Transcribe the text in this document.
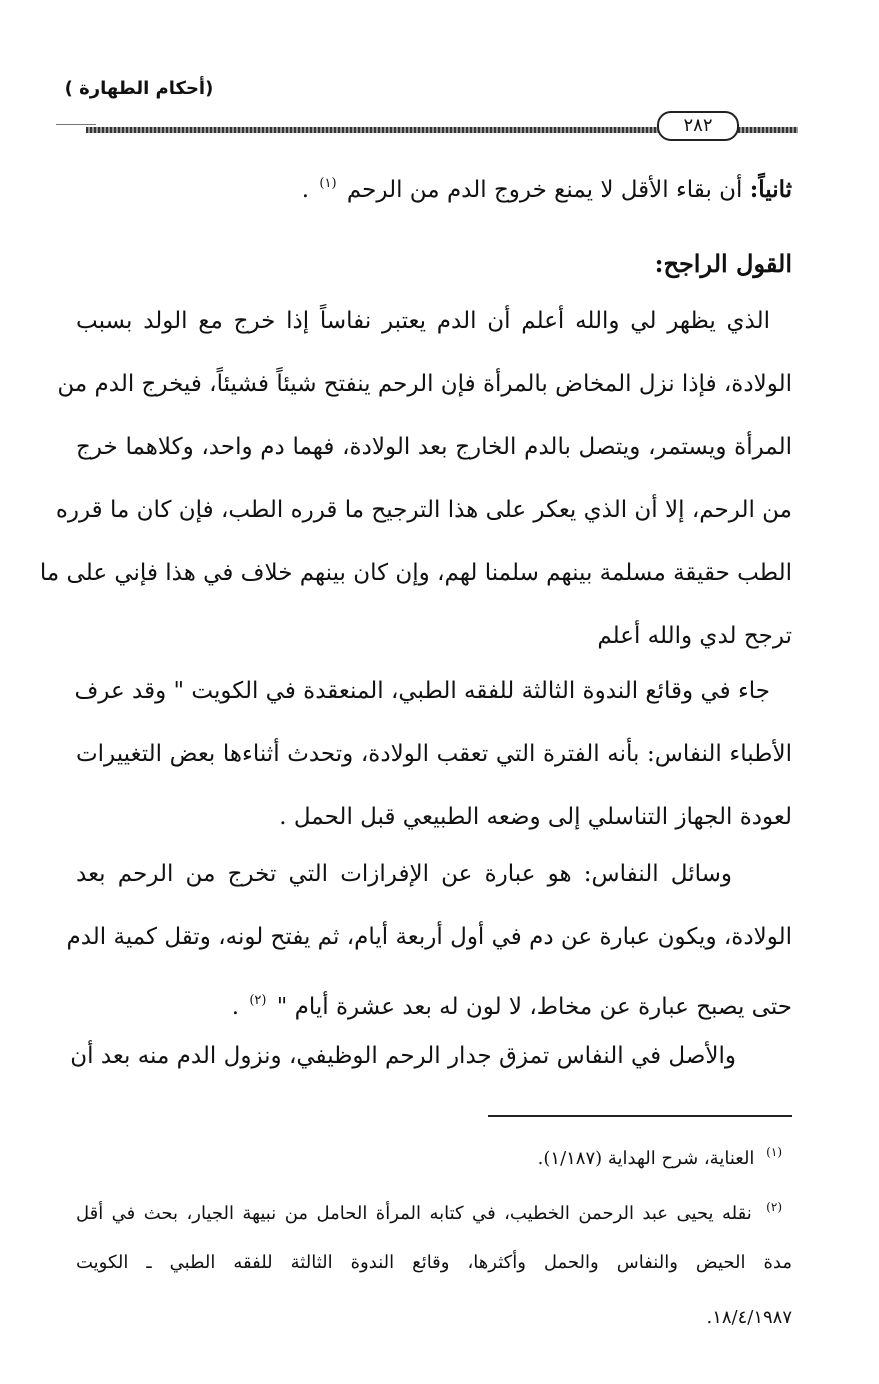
(أحكام الطهارة )
٢٨٢
ثانياً: أن بقاء الأقل لا يمنع خروج الدم من الرحم $^{(١)}$ .
القول الراجح:
الذي يظهر لي والله أعلم أن الدم يعتبر نفاساً إذا خرج مع الولد بسبب
الولادة، فإذا نزل المخاض بالمرأة فإن الرحم ينفتح شيئاً فشيئاً، فيخرج الدم من
المرأة ويستمر، ويتصل بالدم الخارج بعد الولادة، فهما دم واحد، وكلاهما خرج
من الرحم، إلا أن الذي يعكر على هذا الترجيح ما قرره الطب، فإن كان ما قرره
الطب حقيقة مسلمة بينهم سلمنا لهم، وإن كان بينهم خلاف في هذا فإني على ما
ترجح لدي والله أعلم
جاء في وقائع الندوة الثالثة للفقه الطبي، المنعقدة في الكويت " وقد عرف
الأطباء النفاس: بأنه الفترة التي تعقب الولادة، وتحدث أثناءها بعض التغييرات
لعودة الجهاز التناسلي إلى وضعه الطبيعي قبل الحمل .
وسائل النفاس: هو عبارة عن الإفرازات التي تخرج من الرحم بعد
الولادة، ويكون عبارة عن دم في أول أربعة أيام، ثم يفتح لونه، وتقل كمية الدم
حتى يصبح عبارة عن مخاط، لا لون له بعد عشرة أيام " $^{(٢)}$ .
والأصل في النفاس تمزق جدار الرحم الوظيفي، ونزول الدم منه بعد أن
$^{(١)}$ العناية، شرح الهداية (١/١٨٧).
$^{(٢)}$ نقله يحيى عبد الرحمن الخطيب، في كتابه المرأة الحامل من نبيهة الجيار، بحث في أقل
مدة الحيض والنفاس والحمل وأكثرها، وقائع الندوة الثالثة للفقه الطبي ـ الكويت
١٨/٤/١٩٨٧.
